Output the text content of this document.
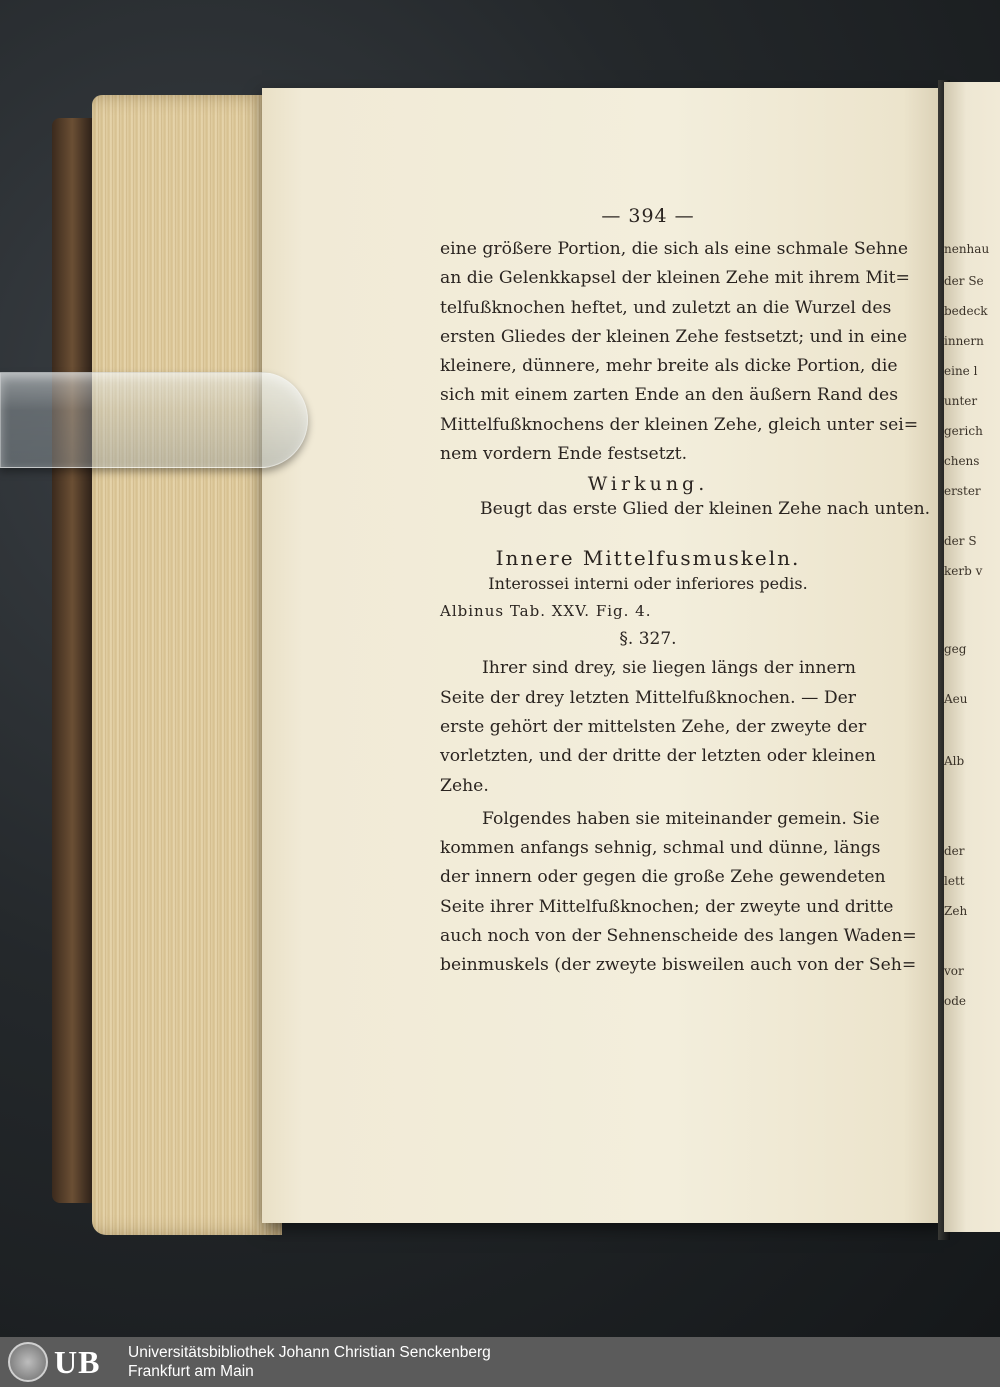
nenhau
der Se
bedeck
innern
eine l
unter
gerich
chens
erster
der S
kerb v
geg
Aeu
Alb
der
lett
Zeh
vor
ode
— 394 —
eine größere Portion, die sich als eine schmale Sehne
an die Gelenkkapsel der kleinen Zehe mit ihrem Mit=
telfußknochen heftet, und zuletzt an die Wurzel des
ersten Gliedes der kleinen Zehe festsetzt; und in eine
kleinere, dünnere, mehr breite als dicke Portion, die
sich mit einem zarten Ende an den äußern Rand des
Mittelfußknochens der kleinen Zehe, gleich unter sei=
nem vordern Ende festsetzt.
Wirkung.
Beugt das erste Glied der kleinen Zehe nach unten.
Innere Mittelfusmuskeln.
Interossei interni oder inferiores pedis.
Albinus Tab. XXV. Fig. 4.
§. 327.
Ihrer sind drey, sie liegen längs der innern
Seite der drey letzten Mittelfußknochen. — Der
erste gehört der mittelsten Zehe, der zweyte der
vorletzten, und der dritte der letzten oder kleinen
Zehe.
Folgendes haben sie miteinander gemein. Sie
kommen anfangs sehnig, schmal und dünne, längs
der innern oder gegen die große Zehe gewendeten
Seite ihrer Mittelfußknochen; der zweyte und dritte
auch noch von der Sehnenscheide des langen Waden=
beinmuskels (der zweyte bisweilen auch von der Seh=
UB Universitätsbibliothek Johann Christian Senckenberg
Frankfurt am Main
